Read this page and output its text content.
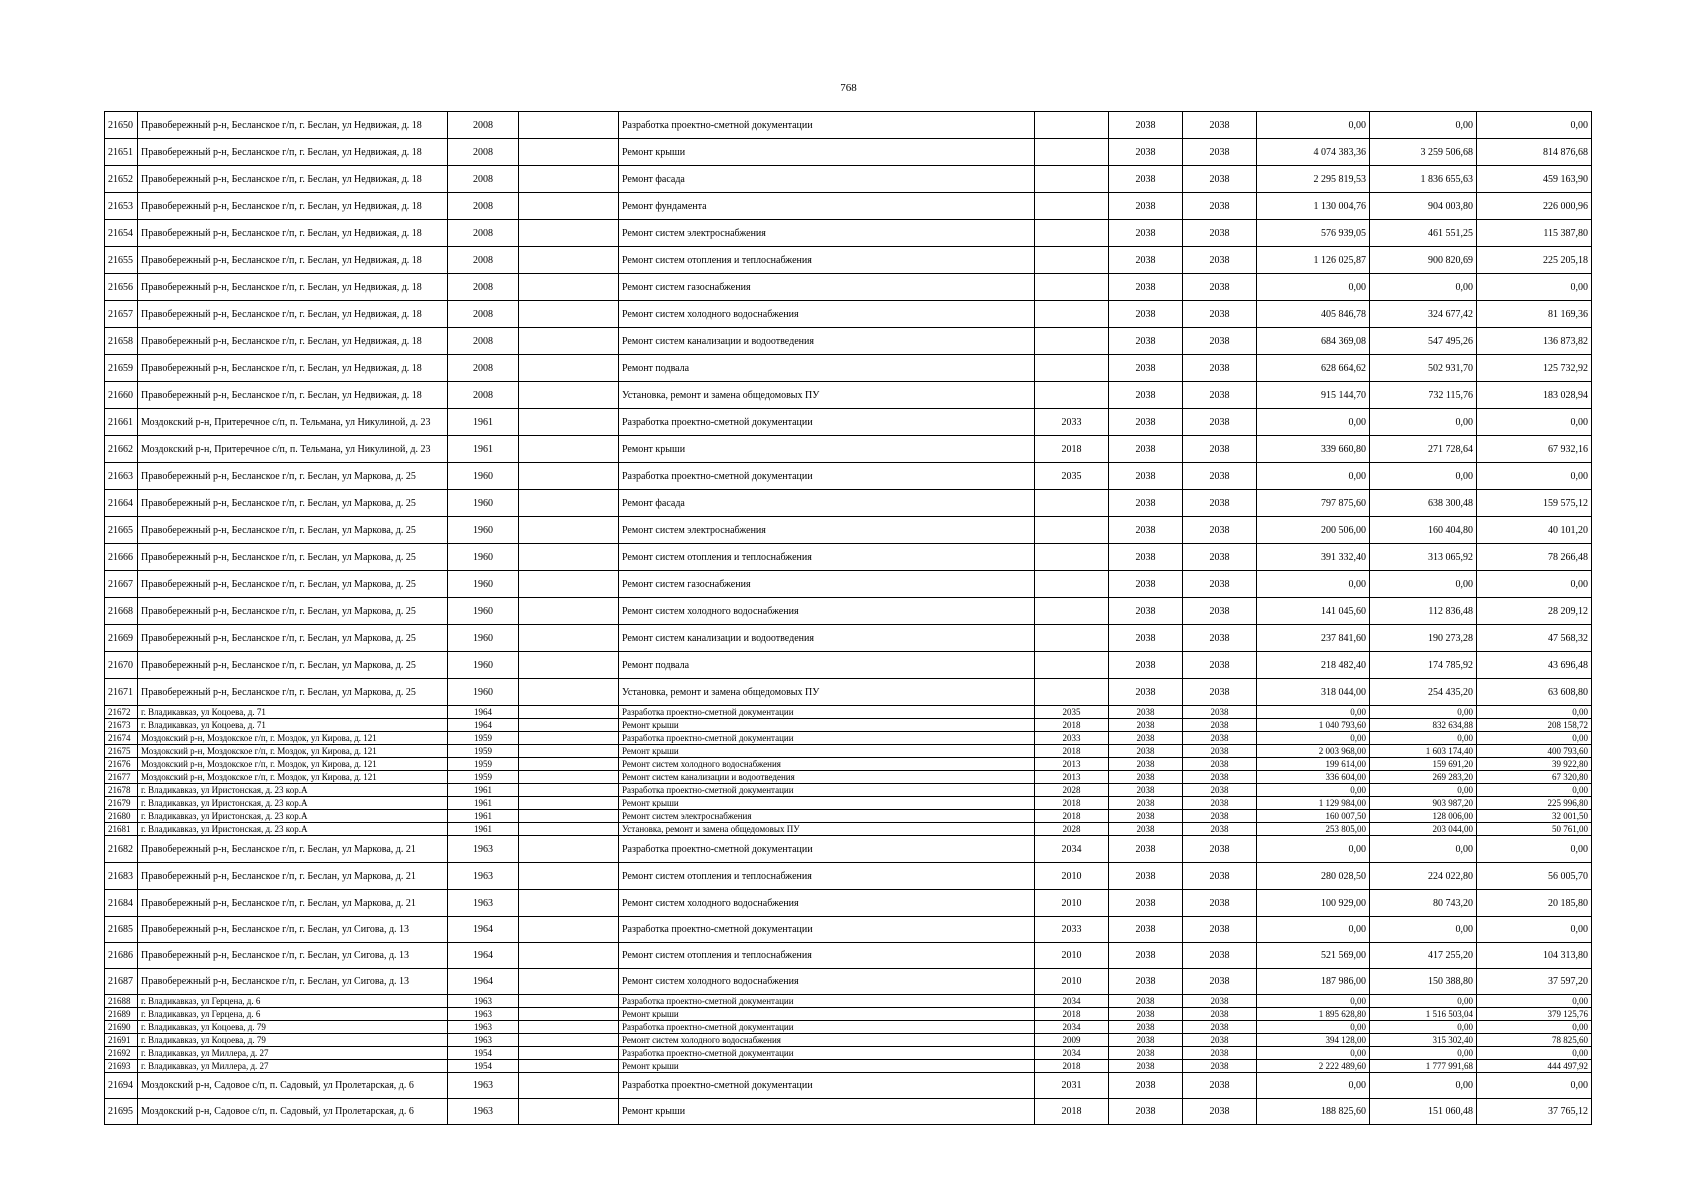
768
21650	Правобережный р-н, Бесланское г/п, г. Беслан, ул Недвижая, д. 18	2008		Разработка проектно-сметной документации		2038	2038	0,00	0,00	0,00
21651	Правобережный р-н, Бесланское г/п, г. Беслан, ул Недвижая, д. 18	2008		Ремонт крыши		2038	2038	4 074 383,36	3 259 506,68	814 876,68
21652	Правобережный р-н, Бесланское г/п, г. Беслан, ул Недвижая, д. 18	2008		Ремонт фасада		2038	2038	2 295 819,53	1 836 655,63	459 163,90
21653	Правобережный р-н, Бесланское г/п, г. Беслан, ул Недвижая, д. 18	2008		Ремонт фундамента		2038	2038	1 130 004,76	904 003,80	226 000,96
21654	Правобережный р-н, Бесланское г/п, г. Беслан, ул Недвижая, д. 18	2008		Ремонт систем электроснабжения		2038	2038	576 939,05	461 551,25	115 387,80
21655	Правобережный р-н, Бесланское г/п, г. Беслан, ул Недвижая, д. 18	2008		Ремонт систем отопления и теплоснабжения		2038	2038	1 126 025,87	900 820,69	225 205,18
21656	Правобережный р-н, Бесланское г/п, г. Беслан, ул Недвижая, д. 18	2008		Ремонт систем газоснабжения		2038	2038	0,00	0,00	0,00
21657	Правобережный р-н, Бесланское г/п, г. Беслан, ул Недвижая, д. 18	2008		Ремонт систем холодного водоснабжения		2038	2038	405 846,78	324 677,42	81 169,36
21658	Правобережный р-н, Бесланское г/п, г. Беслан, ул Недвижая, д. 18	2008		Ремонт систем канализации и водоотведения		2038	2038	684 369,08	547 495,26	136 873,82
21659	Правобережный р-н, Бесланское г/п, г. Беслан, ул Недвижая, д. 18	2008		Ремонт подвала		2038	2038	628 664,62	502 931,70	125 732,92
21660	Правобережный р-н, Бесланское г/п, г. Беслан, ул Недвижая, д. 18	2008		Установка, ремонт и замена общедомовых ПУ		2038	2038	915 144,70	732 115,76	183 028,94
21661	Моздокский р-н, Притеречное с/п, п. Тельмана, ул Никулиной, д. 23	1961		Разработка проектно-сметной документации	2033	2038	2038	0,00	0,00	0,00
21662	Моздокский р-н, Притеречное с/п, п. Тельмана, ул Никулиной, д. 23	1961		Ремонт крыши	2018	2038	2038	339 660,80	271 728,64	67 932,16
21663	Правобережный р-н, Бесланское г/п, г. Беслан, ул Маркова, д. 25	1960		Разработка проектно-сметной документации	2035	2038	2038	0,00	0,00	0,00
21664	Правобережный р-н, Бесланское г/п, г. Беслан, ул Маркова, д. 25	1960		Ремонт фасада		2038	2038	797 875,60	638 300,48	159 575,12
21665	Правобережный р-н, Бесланское г/п, г. Беслан, ул Маркова, д. 25	1960		Ремонт систем электроснабжения		2038	2038	200 506,00	160 404,80	40 101,20
21666	Правобережный р-н, Бесланское г/п, г. Беслан, ул Маркова, д. 25	1960		Ремонт систем отопления и теплоснабжения		2038	2038	391 332,40	313 065,92	78 266,48
21667	Правобережный р-н, Бесланское г/п, г. Беслан, ул Маркова, д. 25	1960		Ремонт систем газоснабжения		2038	2038	0,00	0,00	0,00
21668	Правобережный р-н, Бесланское г/п, г. Беслан, ул Маркова, д. 25	1960		Ремонт систем холодного водоснабжения		2038	2038	141 045,60	112 836,48	28 209,12
21669	Правобережный р-н, Бесланское г/п, г. Беслан, ул Маркова, д. 25	1960		Ремонт систем канализации и водоотведения		2038	2038	237 841,60	190 273,28	47 568,32
21670	Правобережный р-н, Бесланское г/п, г. Беслан, ул Маркова, д. 25	1960		Ремонт подвала		2038	2038	218 482,40	174 785,92	43 696,48
21671	Правобережный р-н, Бесланское г/п, г. Беслан, ул Маркова, д. 25	1960		Установка, ремонт и замена общедомовых ПУ		2038	2038	318 044,00	254 435,20	63 608,80
21672	г. Владикавказ, ул Коцоева, д. 71	1964		Разработка проектно-сметной документации	2035	2038	2038	0,00	0,00	0,00
21673	г. Владикавказ, ул Коцоева, д. 71	1964		Ремонт крыши	2018	2038	2038	1 040 793,60	832 634,88	208 158,72
21674	Моздокский р-н, Моздокское г/п, г. Моздок, ул Кирова, д. 121	1959		Разработка проектно-сметной документации	2033	2038	2038	0,00	0,00	0,00
21675	Моздокский р-н, Моздокское г/п, г. Моздок, ул Кирова, д. 121	1959		Ремонт крыши	2018	2038	2038	2 003 968,00	1 603 174,40	400 793,60
21676	Моздокский р-н, Моздокское г/п, г. Моздок, ул Кирова, д. 121	1959		Ремонт систем холодного водоснабжения	2013	2038	2038	199 614,00	159 691,20	39 922,80
21677	Моздокский р-н, Моздокское г/п, г. Моздок, ул Кирова, д. 121	1959		Ремонт систем канализации и водоотведения	2013	2038	2038	336 604,00	269 283,20	67 320,80
21678	г. Владикавказ, ул Иристонская, д. 23 кор.А	1961		Разработка проектно-сметной документации	2028	2038	2038	0,00	0,00	0,00
21679	г. Владикавказ, ул Иристонская, д. 23 кор.А	1961		Ремонт крыши	2018	2038	2038	1 129 984,00	903 987,20	225 996,80
21680	г. Владикавказ, ул Иристонская, д. 23 кор.А	1961		Ремонт систем электроснабжения	2018	2038	2038	160 007,50	128 006,00	32 001,50
21681	г. Владикавказ, ул Иристонская, д. 23 кор.А	1961		Установка, ремонт и замена общедомовых ПУ	2028	2038	2038	253 805,00	203 044,00	50 761,00
21682	Правобережный р-н, Бесланское г/п, г. Беслан, ул Маркова, д. 21	1963		Разработка проектно-сметной документации	2034	2038	2038	0,00	0,00	0,00
21683	Правобережный р-н, Бесланское г/п, г. Беслан, ул Маркова, д. 21	1963		Ремонт систем отопления и теплоснабжения	2010	2038	2038	280 028,50	224 022,80	56 005,70
21684	Правобережный р-н, Бесланское г/п, г. Беслан, ул Маркова, д. 21	1963		Ремонт систем холодного водоснабжения	2010	2038	2038	100 929,00	80 743,20	20 185,80
21685	Правобережный р-н, Бесланское г/п, г. Беслан, ул Сигова, д. 13	1964		Разработка проектно-сметной документации	2033	2038	2038	0,00	0,00	0,00
21686	Правобережный р-н, Бесланское г/п, г. Беслан, ул Сигова, д. 13	1964		Ремонт систем отопления и теплоснабжения	2010	2038	2038	521 569,00	417 255,20	104 313,80
21687	Правобережный р-н, Бесланское г/п, г. Беслан, ул Сигова, д. 13	1964		Ремонт систем холодного водоснабжения	2010	2038	2038	187 986,00	150 388,80	37 597,20
21688	г. Владикавказ, ул Герцена, д. 6	1963		Разработка проектно-сметной документации	2034	2038	2038	0,00	0,00	0,00
21689	г. Владикавказ, ул Герцена, д. 6	1963		Ремонт крыши	2018	2038	2038	1 895 628,80	1 516 503,04	379 125,76
21690	г. Владикавказ, ул Коцоева, д. 79	1963		Разработка проектно-сметной документации	2034	2038	2038	0,00	0,00	0,00
21691	г. Владикавказ, ул Коцоева, д. 79	1963		Ремонт систем холодного водоснабжения	2009	2038	2038	394 128,00	315 302,40	78 825,60
21692	г. Владикавказ, ул Миллера, д. 27	1954		Разработка проектно-сметной документации	2034	2038	2038	0,00	0,00	0,00
21693	г. Владикавказ, ул Миллера, д. 27	1954		Ремонт крыши	2018	2038	2038	2 222 489,60	1 777 991,68	444 497,92
21694	Моздокский р-н, Садовое с/п, п. Садовый, ул Пролетарская, д. 6	1963		Разработка проектно-сметной документации	2031	2038	2038	0,00	0,00	0,00
21695	Моздокский р-н, Садовое с/п, п. Садовый, ул Пролетарская, д. 6	1963		Ремонт крыши	2018	2038	2038	188 825,60	151 060,48	37 765,12
